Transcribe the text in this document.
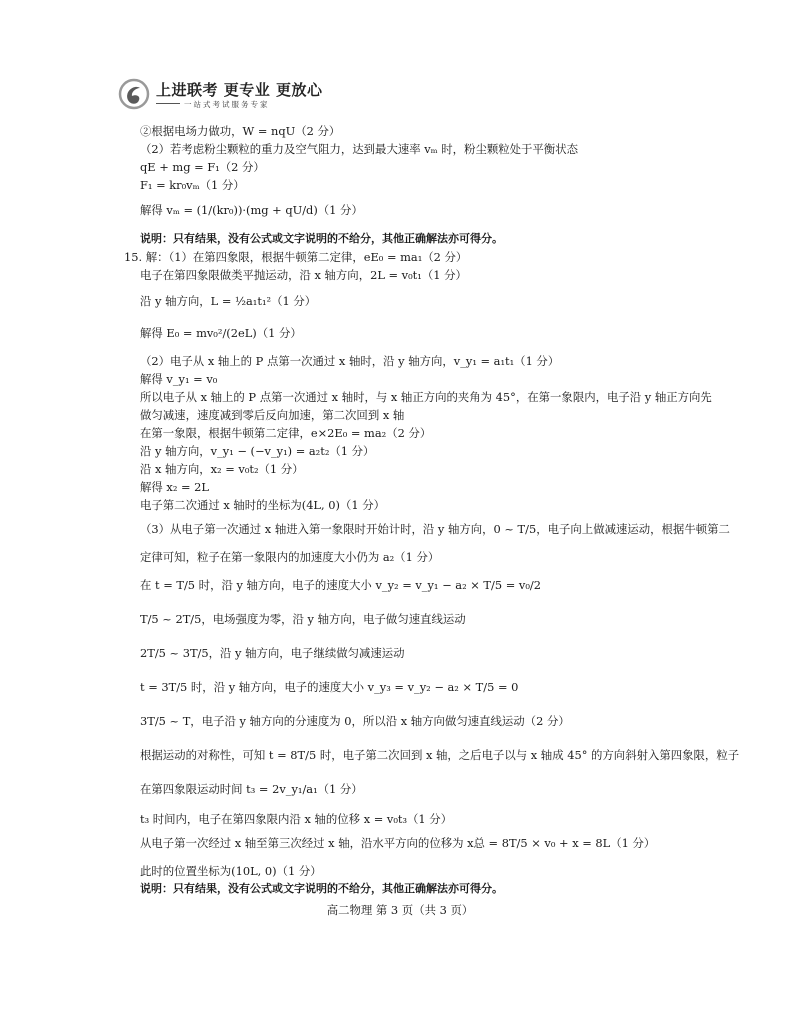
上进联考 更专业 更放心
一站式考试服务专家
②根据电场力做功，W = nqU（2 分）
（2）若考虑粉尘颗粒的重力及空气阻力，达到最大速率 vₘ 时，粉尘颗粒处于平衡状态
qE + mg = F₁（2 分）
F₁ = kr₀vₘ（1 分）
解得 vₘ = (1/(kr₀))·(mg + qU/d)（1 分）
说明：只有结果，没有公式或文字说明的不给分，其他正确解法亦可得分。
15. 解：（1）在第四象限，根据牛顿第二定律，eE₀ = ma₁（2 分）
电子在第四象限做类平抛运动，沿 x 轴方向，2L = v₀t₁（1 分）
沿 y 轴方向，L = ½a₁t₁²（1 分）
解得 E₀ = mv₀²/(2eL)（1 分）
（2）电子从 x 轴上的 P 点第一次通过 x 轴时，沿 y 轴方向，v_y₁ = a₁t₁（1 分）
解得 v_y₁ = v₀
所以电子从 x 轴上的 P 点第一次通过 x 轴时，与 x 轴正方向的夹角为 45°，在第一象限内，电子沿 y 轴正方向先
做匀减速，速度减到零后反向加速，第二次回到 x 轴
在第一象限，根据牛顿第二定律，e×2E₀ = ma₂（2 分）
沿 y 轴方向，v_y₁ − (−v_y₁) = a₂t₂（1 分）
沿 x 轴方向，x₂ = v₀t₂（1 分）
解得 x₂ = 2L
电子第二次通过 x 轴时的坐标为(4L, 0)（1 分）
（3）从电子第一次通过 x 轴进入第一象限时开始计时，沿 y 轴方向，0 ~ T/5，电子向上做减速运动，根据牛顿第二
定律可知，粒子在第一象限内的加速度大小仍为 a₂（1 分）
在 t = T/5 时，沿 y 轴方向，电子的速度大小 v_y₂ = v_y₁ − a₂ × T/5 = v₀/2
T/5 ~ 2T/5，电场强度为零，沿 y 轴方向，电子做匀速直线运动
2T/5 ~ 3T/5，沿 y 轴方向，电子继续做匀减速运动
t = 3T/5 时，沿 y 轴方向，电子的速度大小 v_y₃ = v_y₂ − a₂ × T/5 = 0
3T/5 ~ T，电子沿 y 轴方向的分速度为 0，所以沿 x 轴方向做匀速直线运动（2 分）
根据运动的对称性，可知 t = 8T/5 时，电子第二次回到 x 轴，之后电子以与 x 轴成 45° 的方向斜射入第四象限，粒子
在第四象限运动时间 t₃ = 2v_y₁/a₁（1 分）
t₃ 时间内，电子在第四象限内沿 x 轴的位移 x = v₀t₃（1 分）
从电子第一次经过 x 轴至第三次经过 x 轴，沿水平方向的位移为 x总 = 8T/5 × v₀ + x = 8L（1 分）
此时的位置坐标为(10L, 0)（1 分）
说明：只有结果，没有公式或文字说明的不给分，其他正确解法亦可得分。
高二物理 第 3 页（共 3 页）
